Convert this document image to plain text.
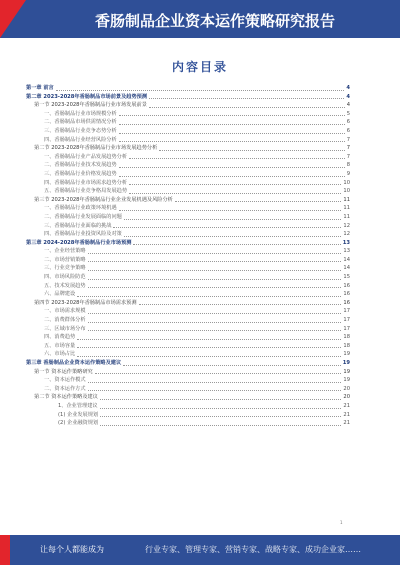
香肠制品企业资本运作策略研究报告
内容目录
第一章 前言	4
第二章 2023-2028年香肠制品市场前景及趋势预测	4
第一节 2023-2028年香肠制品行业市场发展前景	4
一、香肠制品行业市场规模分析	5
二、香肠制品市场供需情况分析	6
三、香肠制品行业竞争态势分析	6
四、香肠制品行业经营风险分析	7
第二节 2023-2028年香肠制品行业市场发展趋势分析	7
一、香肠制品行业产品发展趋势分析	7
二、香肠制品行业技术发展趋势	8
三、香肠制品行业价格发展趋势	9
四、香肠制品行业市场需求趋势分析	10
五、香肠制品行业竞争格局发展趋势	10
第三节 2023-2028年香肠制品行业企业发展机遇及风险分析	11
一、香肠制品行业政策环境机遇	11
二、香肠制品行业发展面临的问题	11
三、香肠制品行业面临的挑战	12
四、香肠制品行业投资风险及对策	12
第三章 2024-2028年香肠制品行业市场预测	13
一、企业经营策略	13
二、市场营销策略	14
三、行业竞争策略	14
四、市场风险防范	15
五、技术发展趋势	16
六、品牌建设	16
第四节 2023-2028年香肠制品市场需求预测	16
一、市场需求规模	17
二、消费群体分析	17
三、区域市场分布	17
四、消费趋势	18
五、市场容量	18
六、市场占比	19
第三章 香肠制品企业资本运作策略及建议	19
第一节 资本运作策略研究	19
一、资本运作模式	19
二、资本运作方式	20
第二节 资本运作策略及建议	20
1、企业管理建议	21
(1) 企业发展规划	21
(2) 企业融资规划	21
1
让每个人都能成为	行业专家、管理专家、营销专家、战略专家、成功企业家……
